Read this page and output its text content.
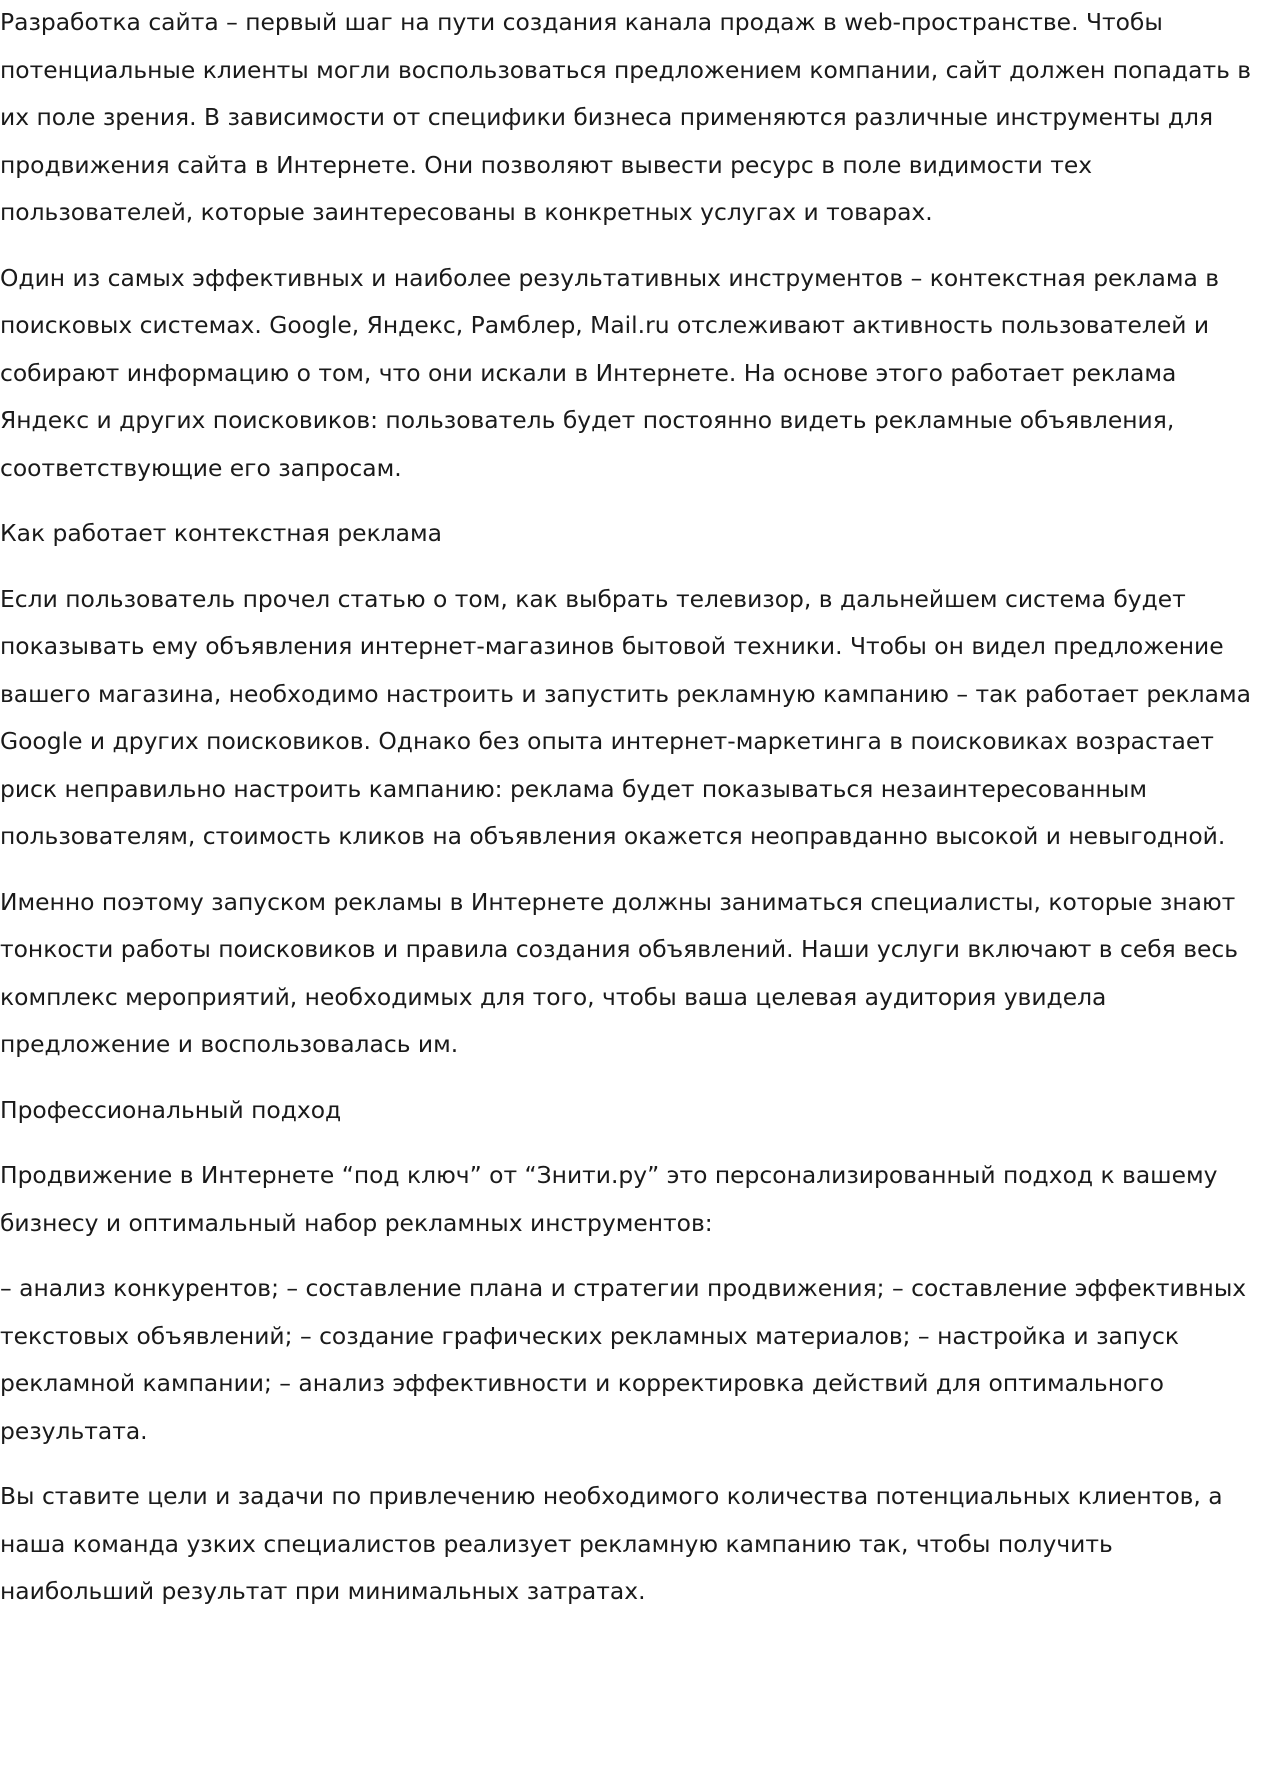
Разработка сайта – первый шаг на пути создания канала продаж в web-пространстве. Чтобы потенциальные клиенты могли воспользоваться предложением компании, сайт должен попадать в их поле зрения. В зависимости от специфики бизнеса применяются различные инструменты для продвижения сайта в Интернете. Они позволяют вывести ресурс в поле видимости тех пользователей, которые заинтересованы в конкретных услугах и товарах.

Один из самых эффективных и наиболее результативных инструментов – контекстная реклама в поисковых системах. Google, Яндекс, Рамблер, Mail.ru отслеживают активность пользователей и собирают информацию о том, что они искали в Интернете. На основе этого работает реклама Яндекс и других поисковиков: пользователь будет постоянно видеть рекламные объявления, соответствующие его запросам.

Как работает контекстная реклама

Если пользователь прочел статью о том, как выбрать телевизор, в дальнейшем система будет показывать ему объявления интернет-магазинов бытовой техники. Чтобы он видел предложение вашего магазина, необходимо настроить и запустить рекламную кампанию – так работает реклама Google и других поисковиков. Однако без опыта интернет-маркетинга в поисковиках возрастает риск неправильно настроить кампанию: реклама будет показываться незаинтересованным пользователям, стоимость кликов на объявления окажется неоправданно высокой и невыгодной.

Именно поэтому запуском рекламы в Интернете должны заниматься специалисты, которые знают тонкости работы поисковиков и правила создания объявлений. Наши услуги включают в себя весь комплекс мероприятий, необходимых для того, чтобы ваша целевая аудитория увидела предложение и воспользовалась им.

Профессиональный подход

Продвижение в Интернете “под ключ” от “Знити.ру” это персонализированный подход к вашему бизнесу и оптимальный набор рекламных инструментов:

– анализ конкурентов; – составление плана и стратегии продвижения; – составление эффективных текстовых объявлений; – создание графических рекламных материалов; – настройка и запуск рекламной кампании; – анализ эффективности и корректировка действий для оптимального результата.

Вы ставите цели и задачи по привлечению необходимого количества потенциальных клиентов, а наша команда узких специалистов реализует рекламную кампанию так, чтобы получить наибольший результат при минимальных затратах.
